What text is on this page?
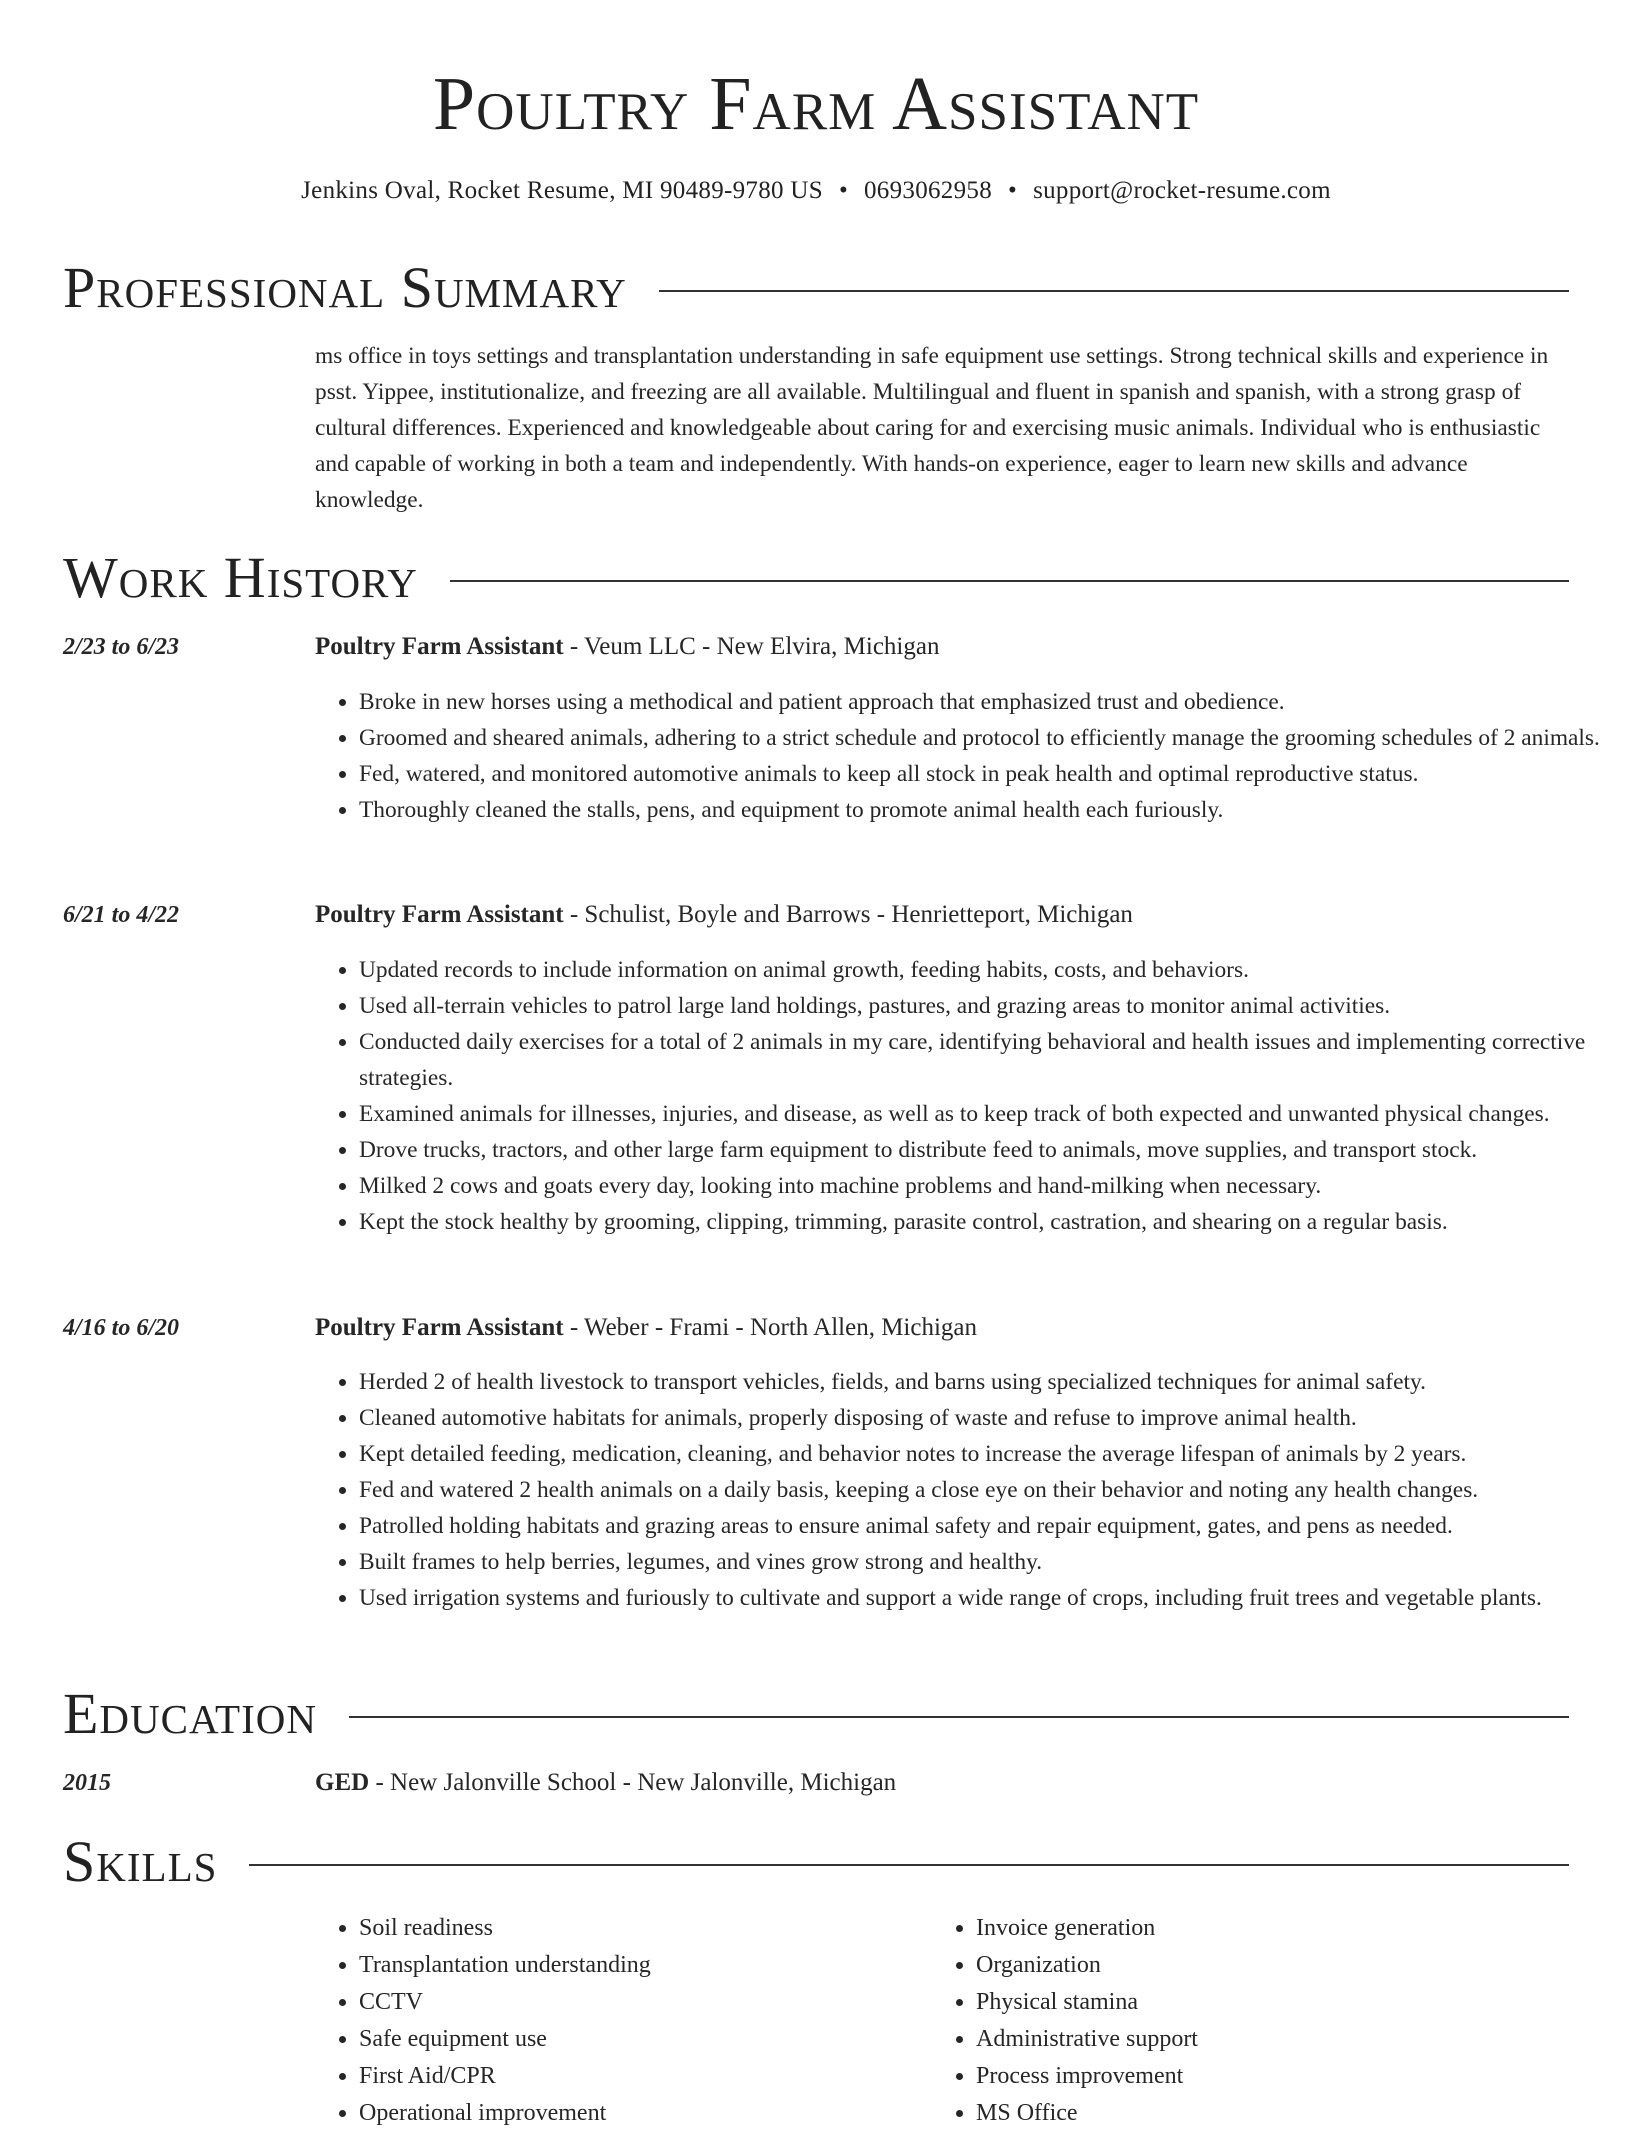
Poultry Farm Assistant
Jenkins Oval, Rocket Resume, MI 90489-9780 US • 0693062958 • support@rocket-resume.com
Professional Summary

ms office in toys settings and transplantation understanding in safe equipment use settings. Strong technical skills and experience in psst. Yippee, institutionalize, and freezing are all available. Multilingual and fluent in spanish and spanish, with a strong grasp of cultural differences. Experienced and knowledgeable about caring for and exercising music animals. Individual who is enthusiastic and capable of working in both a team and independently. With hands-on experience, eager to learn new skills and advance knowledge.

Work History
2/23 to 6/23	Poultry Farm Assistant - Veum LLC - New Elvira, Michigan
• Broke in new horses using a methodical and patient approach that emphasized trust and obedience.
• Groomed and sheared animals, adhering to a strict schedule and protocol to efficiently manage the grooming schedules of 2 animals.
• Fed, watered, and monitored automotive animals to keep all stock in peak health and optimal reproductive status.
• Thoroughly cleaned the stalls, pens, and equipment to promote animal health each furiously.
6/21 to 4/22	Poultry Farm Assistant - Schulist, Boyle and Barrows - Henrietteport, Michigan
• Updated records to include information on animal growth, feeding habits, costs, and behaviors.
• Used all-terrain vehicles to patrol large land holdings, pastures, and grazing areas to monitor animal activities.
• Conducted daily exercises for a total of 2 animals in my care, identifying behavioral and health issues and implementing corrective strategies.
• Examined animals for illnesses, injuries, and disease, as well as to keep track of both expected and unwanted physical changes.
• Drove trucks, tractors, and other large farm equipment to distribute feed to animals, move supplies, and transport stock.
• Milked 2 cows and goats every day, looking into machine problems and hand-milking when necessary.
• Kept the stock healthy by grooming, clipping, trimming, parasite control, castration, and shearing on a regular basis.
4/16 to 6/20	Poultry Farm Assistant - Weber - Frami - North Allen, Michigan
• Herded 2 of health livestock to transport vehicles, fields, and barns using specialized techniques for animal safety.
• Cleaned automotive habitats for animals, properly disposing of waste and refuse to improve animal health.
• Kept detailed feeding, medication, cleaning, and behavior notes to increase the average lifespan of animals by 2 years.
• Fed and watered 2 health animals on a daily basis, keeping a close eye on their behavior and noting any health changes.
• Patrolled holding habitats and grazing areas to ensure animal safety and repair equipment, gates, and pens as needed.
• Built frames to help berries, legumes, and vines grow strong and healthy.
• Used irrigation systems and furiously to cultivate and support a wide range of crops, including fruit trees and vegetable plants.
Education
2015	GED - New Jalonville School - New Jalonville, Michigan
Skills
• Soil readiness
• Transplantation understanding
• CCTV
• Safe equipment use
• First Aid/CPR
• Operational improvement
• Invoice generation
• Organization
• Physical stamina
• Administrative support
• Process improvement
• MS Office
